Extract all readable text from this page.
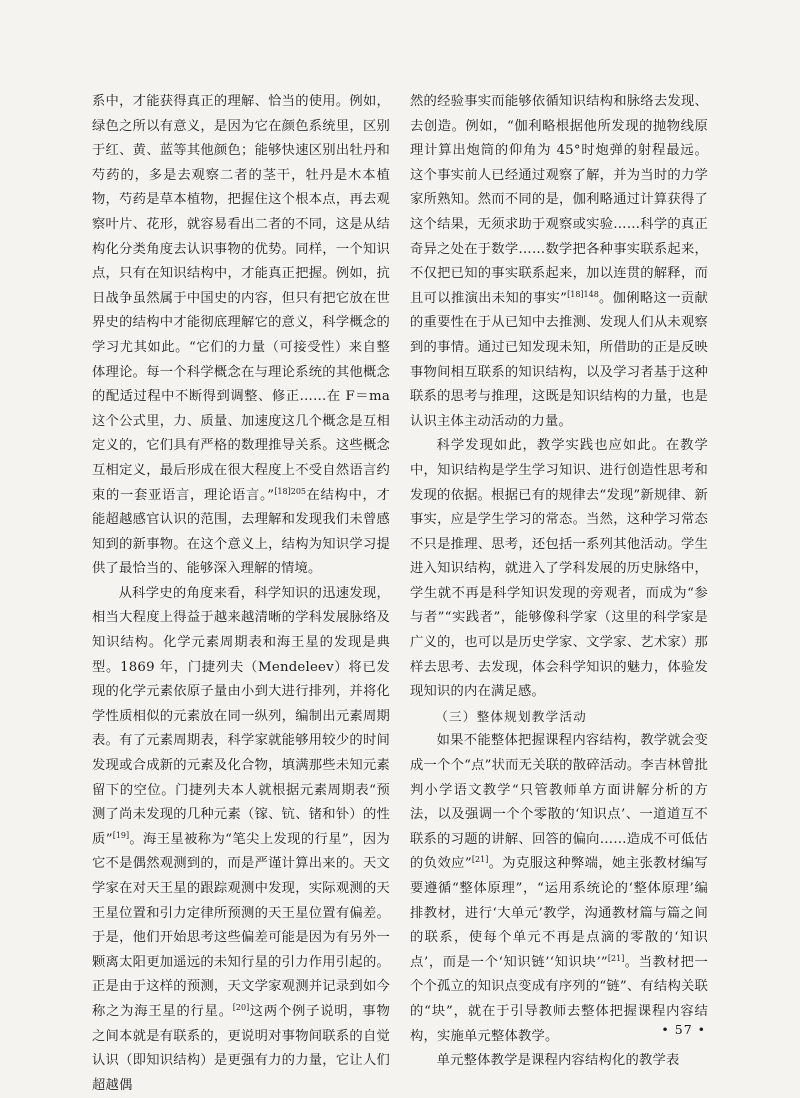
系中，才能获得真正的理解、恰当的使用。例如，绿色之所以有意义，是因为它在颜色系统里，区别于红、黄、蓝等其他颜色；能够快速区别出牡丹和芍药的，多是去观察二者的茎干，牡丹是木本植物，芍药是草本植物，把握住这个根本点，再去观察叶片、花形，就容易看出二者的不同，这是从结构化分类角度去认识事物的优势。同样，一个知识点，只有在知识结构中，才能真正把握。例如，抗日战争虽然属于中国史的内容，但只有把它放在世界史的结构中才能彻底理解它的意义，科学概念的学习尤其如此。“它们的力量（可接受性）来自整体理论。每一个科学概念在与理论系统的其他概念的配适过程中不断得到调整、修正……在 F＝ma 这个公式里，力、质量、加速度这几个概念是互相定义的，它们具有严格的数理推导关系。这些概念互相定义，最后形成在很大程度上不受自然语言约束的一套亚语言，理论语言。”$^{[18]205}$在结构中，才能超越感官认识的范围，去理解和发现我们未曾感知到的新事物。在这个意义上，结构为知识学习提供了最恰当的、能够深入理解的情境。

从科学史的角度来看，科学知识的迅速发现，相当大程度上得益于越来越清晰的学科发展脉络及知识结构。化学元素周期表和海王星的发现是典型。1869 年，门捷列夫（Mendeleev）将已发现的化学元素依原子量由小到大进行排列，并将化学性质相似的元素放在同一纵列，编制出元素周期表。有了元素周期表，科学家就能够用较少的时间发现或合成新的元素及化合物，填满那些未知元素留下的空位。门捷列夫本人就根据元素周期表“预测了尚未发现的几种元素（镓、钪、锗和钋）的性质”[19]。海王星被称为“笔尖上发现的行星”，因为它不是偶然观测到的，而是严谨计算出来的。天文学家在对天王星的跟踪观测中发现，实际观测的天王星位置和引力定律所预测的天王星位置有偏差。于是，他们开始思考这些偏差可能是因为有另外一颗离太阳更加遥远的未知行星的引力作用引起的。正是由于这样的预测，天文学家观测并记录到如今称之为海王星的行星。[20]这两个例子说明，事物之间本就是有联系的，更说明对事物间联系的自觉认识（即知识结构）是更强有力的力量，它让人们超越偶

然的经验事实而能够依循知识结构和脉络去发现、去创造。例如，“伽利略根据他所发现的抛物线原理计算出炮筒的仰角为 45°时炮弹的射程最远。这个事实前人已经通过观察了解，并为当时的力学家所熟知。然而不同的是，伽利略通过计算获得了这个结果，无须求助于观察或实验……科学的真正奇异之处在于数学……数学把各种事实联系起来，不仅把已知的事实联系起来，加以连贯的解释，而且可以推演出未知的事实”$^{[18]148}$。伽俐略这一贡献的重要性在于从已知中去推测、发现人们从未观察到的事情。通过已知发现未知，所借助的正是反映事物间相互联系的知识结构，以及学习者基于这种联系的思考与推理，这既是知识结构的力量，也是认识主体主动活动的力量。

科学发现如此，教学实践也应如此。在教学中，知识结构是学生学习知识、进行创造性思考和发现的依据。根据已有的规律去“发现”新规律、新事实，应是学生学习的常态。当然，这种学习常态不只是推理、思考，还包括一系列其他活动。学生进入知识结构，就进入了学科发展的历史脉络中，学生就不再是科学知识发现的旁观者，而成为“参与者”“实践者”，能够像科学家（这里的科学家是广义的，也可以是历史学家、文学家、艺术家）那样去思考、去发现，体会科学知识的魅力，体验发现知识的内在满足感。

（三）整体规划教学活动

如果不能整体把握课程内容结构，教学就会变成一个个“点”状而无关联的散碎活动。李吉林曾批判小学语文教学“只管教师单方面讲解分析的方法，以及强调一个个零散的‘知识点’、一道道互不联系的习题的讲解、回答的偏向……造成不可低估的负效应”[21]。为克服这种弊端，她主张教材编写要遵循“整体原理”，“运用系统论的‘整体原理’编排教材，进行‘大单元’教学，沟通教材篇与篇之间的联系，使每个单元不再是点滴的零散的‘知识点’，而是一个‘知识链’‘知识块’”[21]。当教材把一个个孤立的知识点变成有序列的“链”、有结构关联的“块”，就在于引导教师去整体把握课程内容结构，实施单元整体教学。

单元整体教学是课程内容结构化的教学表

• 57 •
